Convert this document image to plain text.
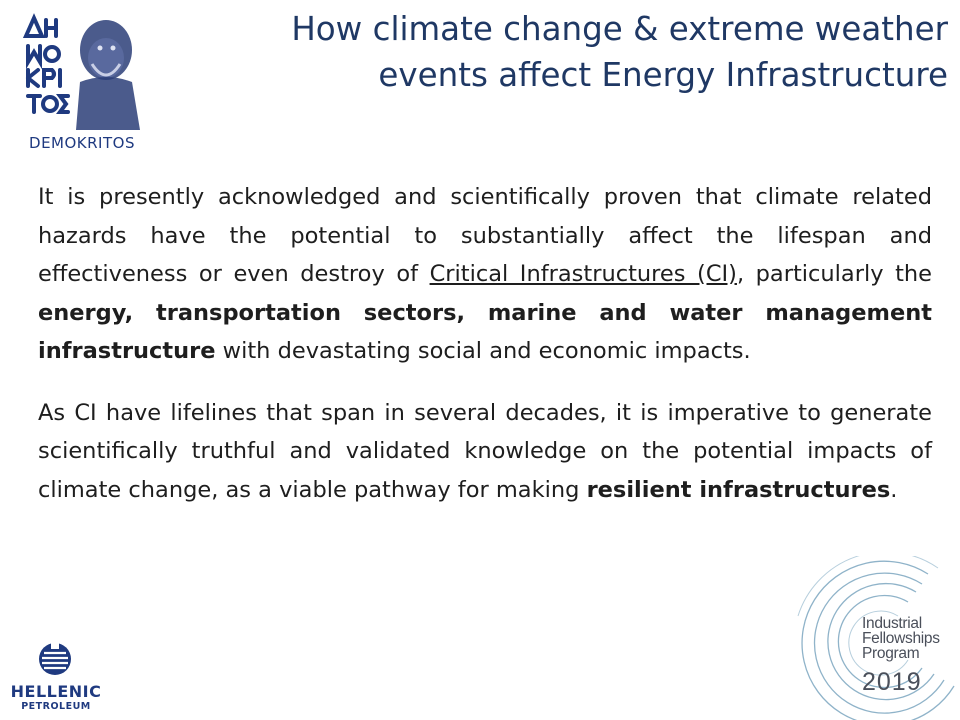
DEMOKRITOS
How climate change & extreme weather
events affect Energy Infrastructure

It is presently acknowledged and scientifically proven that climate related hazards have the potential to substantially affect the lifespan and effectiveness or even destroy of Critical Infrastructures (CI), particularly the energy, transportation sectors, marine and water management infrastructure with devastating social and economic impacts.

As CI have lifelines that span in several decades, it is imperative to generate scientifically truthful and validated knowledge on the potential impacts of climate change, as a viable pathway for making resilient infrastructures.

HELLENIC
PETROLEUM
Industrial
Fellowships
Program
2019
